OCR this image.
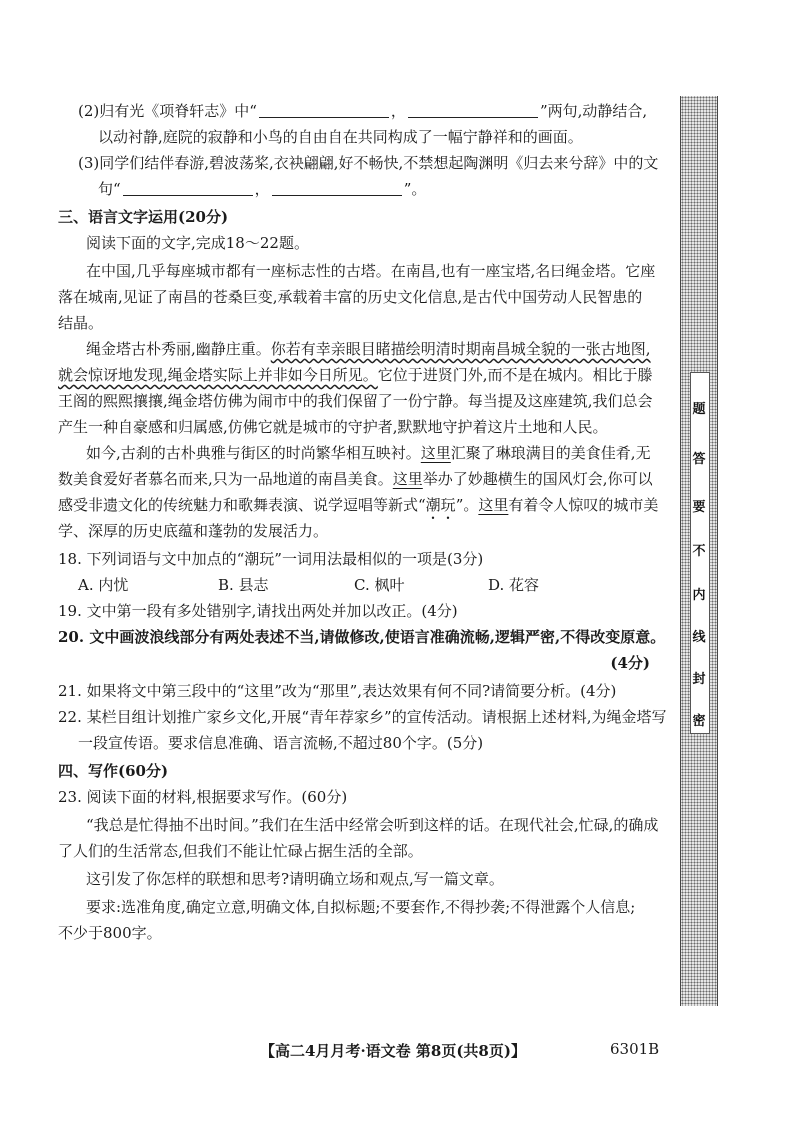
(2)归有光《项脊轩志》中“	，	”两句,动静结合,
以动衬静,庭院的寂静和小鸟的自由自在共同构成了一幅宁静祥和的画面。
(3)同学们结伴春游,碧波荡桨,衣袂翩翩,好不畅快,不禁想起陶渊明《归去来兮辞》中的文
句“	，	”。
三、语言文字运用(20分)
阅读下面的文字,完成18～22题。
在中国,几乎每座城市都有一座标志性的古塔。在南昌,也有一座宝塔,名曰绳金塔。它座
落在城南,见证了南昌的苍桑巨变,承载着丰富的历史文化信息,是古代中国劳动人民智患的
结晶。
绳金塔古朴秀丽,幽静庄重。你若有幸亲眼目睹描绘明清时期南昌城全貌的一张古地图,
就会惊讶地发现,绳金塔实际上并非如今日所见。它位于进贤门外,而不是在城内。相比于滕
王阁的熙熙攘攘,绳金塔仿佛为闹市中的我们保留了一份宁静。每当提及这座建筑,我们总会
产生一种自豪感和归属感,仿佛它就是城市的守护者,默默地守护着这片土地和人民。
如今,古刹的古朴典雅与街区的时尚繁华相互映衬。这里汇聚了琳琅满目的美食佳肴,无
数美食爱好者慕名而来,只为一品地道的南昌美食。这里举办了妙趣横生的国风灯会,你可以
感受非遗文化的传统魅力和歌舞表演、说学逗唱等新式“潮玩”。这里有着令人惊叹的城市美
学、深厚的历史底蕴和蓬勃的发展活力。
18. 下列词语与文中加点的“潮玩”一词用法最相似的一项是(3分)
A. 内忧	B. 县志	C. 枫叶	D. 花容
19. 文中第一段有多处错别字,请找出两处并加以改正。(4分)
20. 文中画波浪线部分有两处表述不当,请做修改,使语言准确流畅,逻辑严密,不得改变原意。
(4分)
21. 如果将文中第三段中的“这里”改为“那里”,表达效果有何不同?请简要分析。(4分)
22. 某栏目组计划推广家乡文化,开展“青年荐家乡”的宣传活动。请根据上述材料,为绳金塔写
一段宣传语。要求信息准确、语言流畅,不超过80个字。(5分)
四、写作(60分)
23. 阅读下面的材料,根据要求写作。(60分)
“我总是忙得抽不出时间。”我们在生活中经常会听到这样的话。在现代社会,忙碌,的确成
了人们的生活常态,但我们不能让忙碌占据生活的全部。
这引发了你怎样的联想和思考?请明确立场和观点,写一篇文章。
要求:选准角度,确定立意,明确文体,自拟标题;不要套作,不得抄袭;不得泄露个人信息;
不少于800字。
密
封
线
内
不
要
答
题
【高二4月月考·语文卷 第8页(共8页)】	6301B
